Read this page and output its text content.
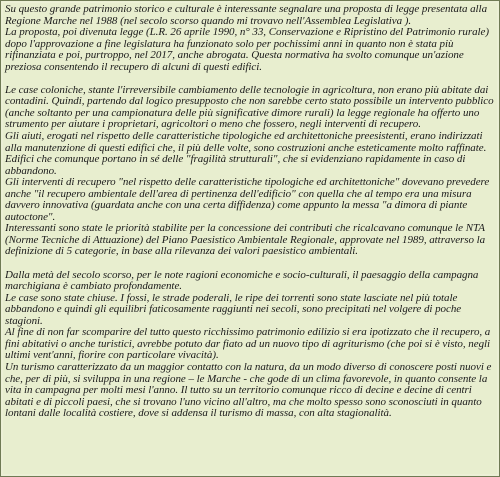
Su questo grande patrimonio storico e culturale è interessante segnalare una proposta di legge presentata alla Regione Marche nel 1988 (nel secolo scorso quando mi trovavo nell'Assemblea Legislativa ).

La proposta, poi divenuta legge (L.R. 26 aprile 1990, n° 33, Conservazione e Ripristino del Patrimonio rurale) dopo l'approvazione a fine legislatura ha funzionato solo per pochissimi anni in quanto non è stata più rifinanziata e poi, purtroppo, nel 2017, anche abrogata. Questa normativa ha svolto comunque un'azione preziosa consentendo il recupero di alcuni di questi edifici.

Le case coloniche, stante l'irreversibile cambiamento delle tecnologie in agricoltura, non erano più abitate dai contadini. Quindi, partendo dal logico presupposto che non sarebbe certo stato possibile un intervento pubblico (anche soltanto per una campionatura delle più significative dimore rurali) la legge regionale ha offerto uno strumento per aiutare i proprietari, agricoltori o meno che fossero, negli interventi di recupero.

Gli aiuti, erogati nel rispetto delle caratteristiche tipologiche ed architettoniche preesistenti, erano indirizzati alla manutenzione di questi edifici che, il più delle volte, sono costruzioni anche esteticamente molto raffinate. Edifici che comunque portano in sé delle "fragilità strutturali", che si evidenziano rapidamente in caso di abbandono.

Gli interventi di recupero "nel rispetto delle caratteristiche tipologiche ed architettoniche" dovevano prevedere anche "il recupero ambientale dell'area di pertinenza dell'edificio" con quella che al tempo era una misura davvero innovativa (guardata anche con una certa diffidenza) come appunto la messa "a dimora di piante autoctone".

Interessanti sono state le priorità stabilite per la concessione dei contributi che ricalcavano comunque le NTA (Norme Tecniche di Attuazione) del Piano Paesistico Ambientale Regionale, approvate nel 1989, attraverso la definizione di 5 categorie, in base alla rilevanza dei valori paesistico ambientali.

Dalla metà del secolo scorso, per le note ragioni economiche e socio-culturali, il paesaggio della campagna marchigiana è cambiato profondamente.

Le case sono state chiuse. I fossi, le strade poderali, le ripe dei torrenti sono state lasciate nel più totale abbandono e quindi gli equilibri faticosamente raggiunti nei secoli, sono precipitati nel volgere di poche stagioni.

Al fine di non far scomparire del tutto questo ricchissimo patrimonio edilizio si era ipotizzato che il recupero, a fini abitativi o anche turistici, avrebbe potuto dar fiato ad un nuovo tipo di agriturismo (che poi si è visto, negli ultimi vent'anni, fiorire con particolare vivacità).

Un turismo caratterizzato da un maggior contatto con la natura, da un modo diverso di conoscere posti nuovi e che, per di più, si sviluppa in una regione – le Marche - che gode di un clima favorevole, in quanto consente la vita in campagna per molti mesi l'anno. Il tutto su un territorio comunque ricco di decine e decine di centri abitati e di piccoli paesi, che si trovano l'uno vicino all'altro, ma che molto spesso sono sconosciuti in quanto lontani dalle località costiere, dove si addensa il turismo di massa, con alta stagionalità.
